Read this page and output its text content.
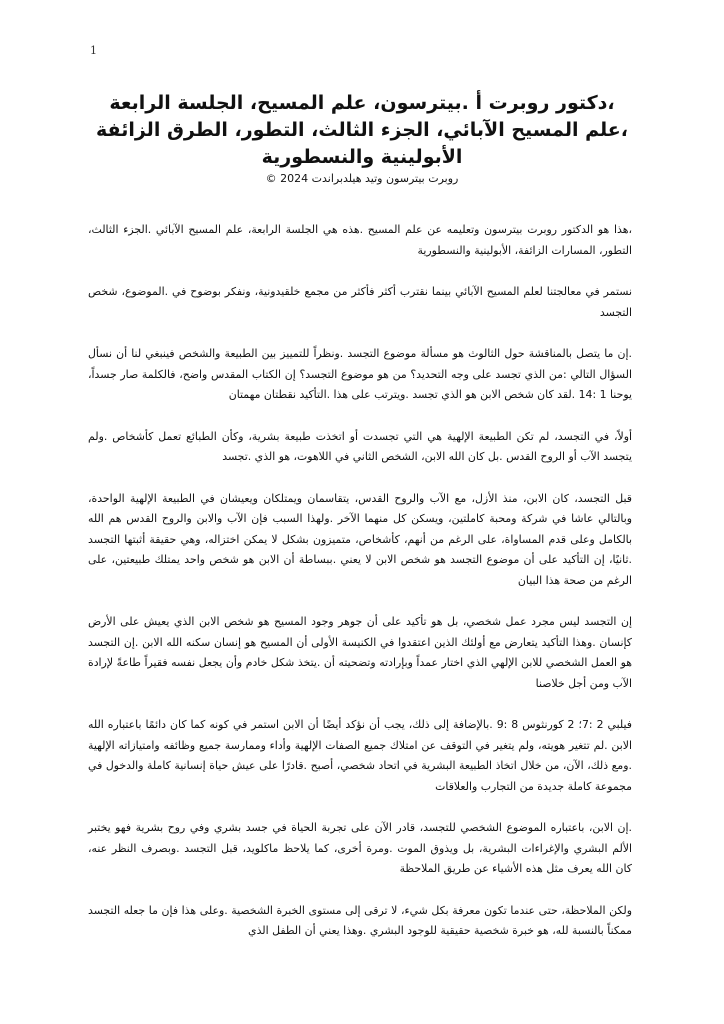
1

،دكتور روبرت أ .بيترسون، علم المسيح، الجلسة الرابعة

،علم المسيح الآبائي، الجزء الثالث، التطور، الطرق الزائفة

الأبولينية والنسطورية

روبرت بيترسون وتيد هيلدبراندت 2024 ©

،هذا هو الدكتور روبرت بيترسون وتعليمه عن علم المسيح .هذه هي الجلسة الرابعة، علم المسيح الآبائي .الجزء الثالث، التطور، المسارات الزائفة، الأبولينية والنسطورية

نستمر في معالجتنا لعلم المسيح الآبائي بينما نقترب أكثر فأكثر من مجمع خلقيدونية، ونفكر بوضوح في .الموضوع، شخص التجسد

.إن ما يتصل بالمناقشة حول الثالوث هو مسألة موضوع التجسد .ونظراً للتمييز بين الطبيعة والشخص فينبغي لنا أن نسأل السؤال التالي :من الذي تجسد على وجه التحديد؟ من هو موضوع التجسد؟ إن الكتاب المقدس واضح، فالكلمة صار جسداً، يوحنا 1 :14 .لقد كان شخص الابن هو الذي تجسد .ويترتب على هذا .التأكيد نقطتان مهمتان

أولاً، في التجسد، لم تكن الطبيعة الإلهية هي التي تجسدت أو اتخذت طبيعة بشرية، وكأن الطبائع تعمل كأشخاص .ولم يتجسد الآب أو الروح القدس .بل كان الله الابن، الشخص الثاني في اللاهوت، هو الذي .تجسد

قبل التجسد، كان الابن، منذ الأزل، مع الآب والروح القدس، يتقاسمان ويمتلكان ويعيشان في الطبيعة الإلهية الواحدة، وبالتالي عاشا في شركة ومحبة كاملتين، ويسكن كل منهما الآخر .ولهذا السبب فإن الآب والابن والروح القدس هم الله بالكامل وعلى قدم المساواة، على الرغم من أنهم، كأشخاص، متميزون بشكل لا يمكن اختزاله، وهي حقيقة أثبتها التجسد .ثانيًا، إن التأكيد على أن موضوع التجسد هو شخص الابن لا يعني .ببساطة أن الابن هو شخص واحد يمتلك طبيعتين، على الرغم من صحة هذا البيان

إن التجسد ليس مجرد عمل شخصي، بل هو تأكيد على أن جوهر وجود المسيح هو شخص الابن الذي يعيش على الأرض كإنسان .وهذا التأكيد يتعارض مع أولئك الذين اعتقدوا في الكنيسة الأولى أن المسيح هو إنسان سكنه الله الابن .إن التجسد هو العمل الشخصي للابن الإلهي الذي اختار عمداً وبإرادته وتضحيته أن .يتخذ شكل خادم وأن يجعل نفسه فقيراً طاعةً لإرادة الآب ومن أجل خلاصنا

فيلبي 2 :7؛ 2 كورنثوس 8 :9 .بالإضافة إلى ذلك، يجب أن نؤكد أيضًا أن الابن استمر في كونه كما كان دائمًا باعتباره الله الابن .لم تتغير هويته، ولم يتغير في التوقف عن امتلاك جميع الصفات الإلهية وأداء وممارسة جميع وظائفه وامتيازاته الإلهية .ومع ذلك، الآن، من خلال اتخاذ الطبيعة البشرية في اتحاد شخصي، أصبح .قادرًا على عيش حياة إنسانية كاملة والدخول في مجموعة كاملة جديدة من التجارب والعلاقات

.إن الابن، باعتباره الموضوع الشخصي للتجسد، قادر الآن على تجربة الحياة في جسد بشري وفي روح بشرية فهو يختبر الألم البشري والإغراءات البشرية، بل ويذوق الموت .ومرة أخرى، كما يلاحظ ماكلويد، قبل التجسد .وبصرف النظر عنه، كان الله يعرف مثل هذه الأشياء عن طريق الملاحظة

ولكن الملاحظة، حتى عندما تكون معرفة بكل شيء، لا ترقى إلى مستوى الخبرة الشخصية .وعلى هذا فإن ما جعله التجسد ممكناً بالنسبة لله، هو خبرة شخصية حقيقية للوجود البشري .وهذا يعني أن الطفل الذي
